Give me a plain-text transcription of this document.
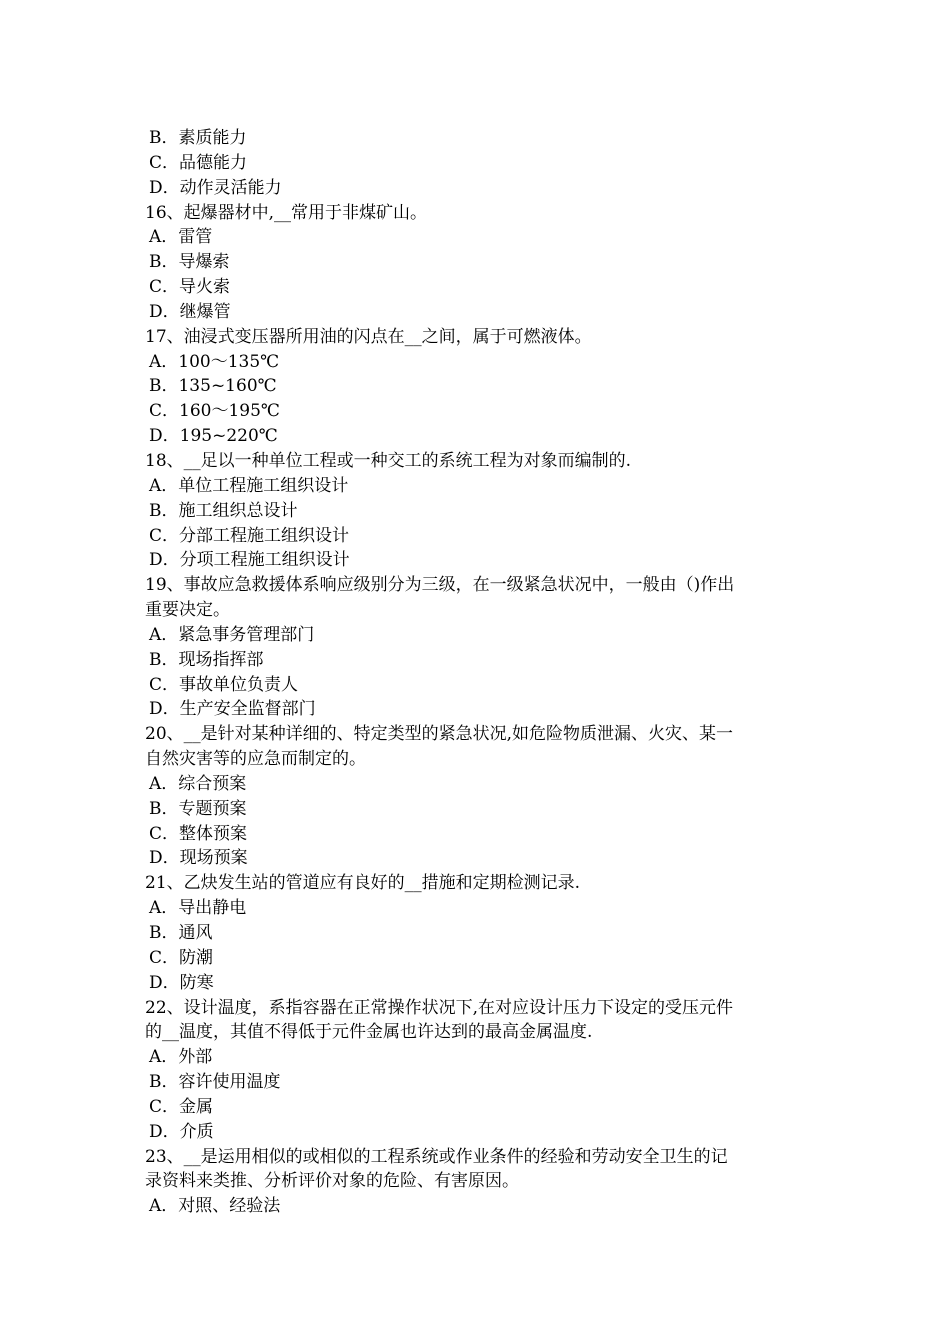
B．素质能力
C．品德能力
D．动作灵活能力
16、起爆器材中,__常用于非煤矿山。
A．雷管
B．导爆索
C．导火索
D．继爆管
17、油浸式变压器所用油的闪点在__之间，属于可燃液体。
A．100～135℃
B．135~160℃
C．160～195℃
D．195~220℃
18、__足以一种单位工程或一种交工的系统工程为对象而编制的.
A．单位工程施工组织设计
B．施工组织总设计
C．分部工程施工组织设计
D．分项工程施工组织设计
19、事故应急救援体系响应级别分为三级，在一级紧急状况中，一般由（)作出
重要决定。
A．紧急事务管理部门
B．现场指挥部
C．事故单位负责人
D．生产安全监督部门
20、__是针对某种详细的、特定类型的紧急状况,如危险物质泄漏、火灾、某一
自然灾害等的应急而制定的。
A．综合预案
B．专题预案
C．整体预案
D．现场预案
21、乙炔发生站的管道应有良好的__措施和定期检测记录.
A．导出静电
B．通风
C．防潮
D．防寒
22、设计温度，系指容器在正常操作状况下,在对应设计压力下设定的受压元件
的__温度，其值不得低于元件金属也许达到的最高金属温度.
A．外部
B．容许使用温度
C．金属
D．介质
23、__是运用相似的或相似的工程系统或作业条件的经验和劳动安全卫生的记
录资料来类推、分析评价对象的危险、有害原因。
A．对照、经验法
